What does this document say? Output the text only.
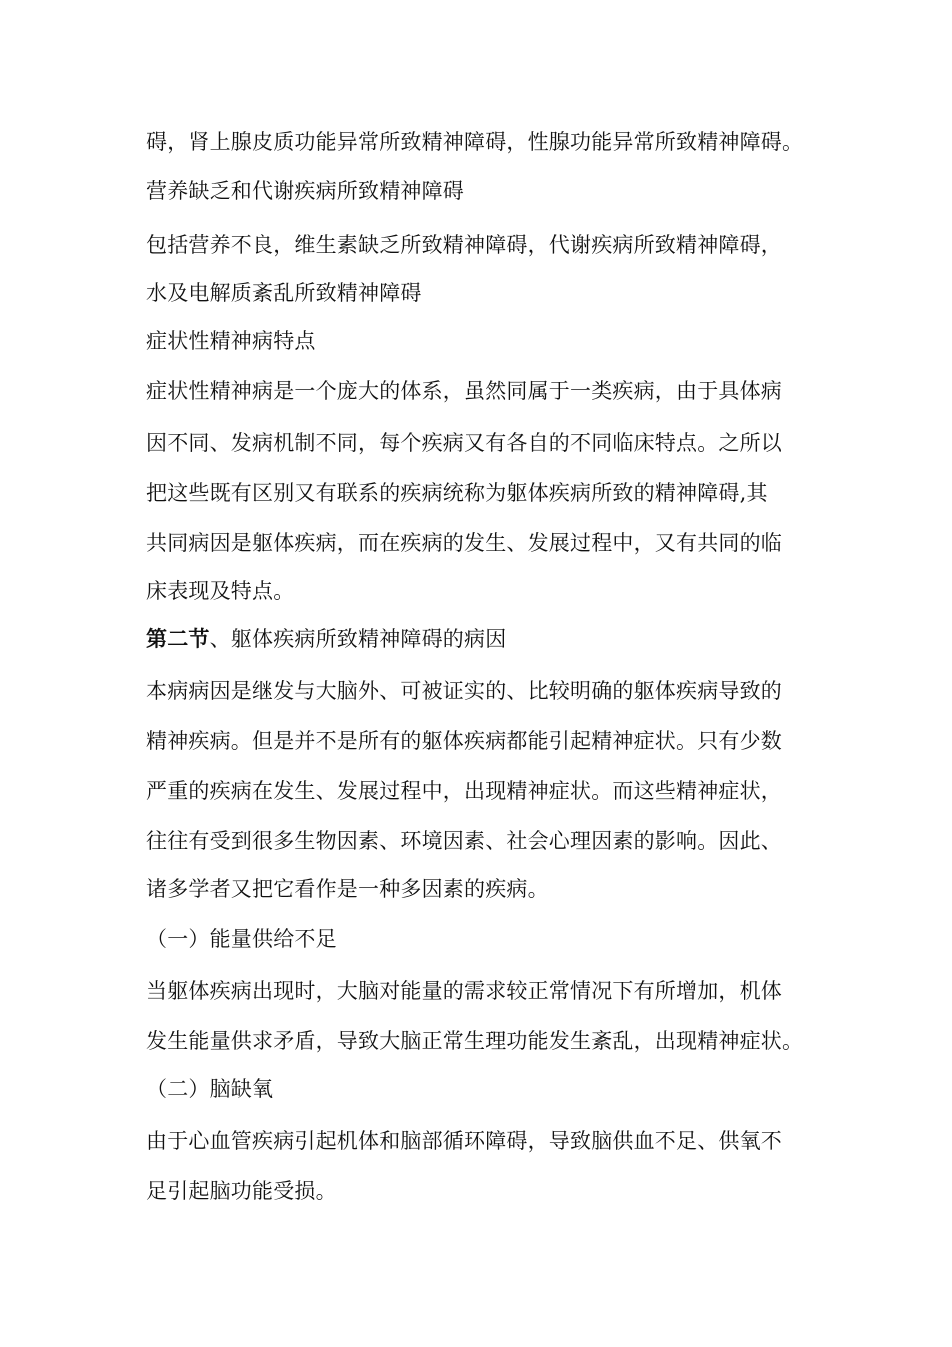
碍，肾上腺皮质功能异常所致精神障碍，性腺功能异常所致精神障碍。
营养缺乏和代谢疾病所致精神障碍
包括营养不良，维生素缺乏所致精神障碍，代谢疾病所致精神障碍，
水及电解质紊乱所致精神障碍
症状性精神病特点
症状性精神病是一个庞大的体系，虽然同属于一类疾病，由于具体病
因不同、发病机制不同，每个疾病又有各自的不同临床特点。之所以
把这些既有区别又有联系的疾病统称为躯体疾病所致的精神障碍,其
共同病因是躯体疾病，而在疾病的发生、发展过程中，又有共同的临
床表现及特点。
第二节、躯体疾病所致精神障碍的病因
本病病因是继发与大脑外、可被证实的、比较明确的躯体疾病导致的
精神疾病。但是并不是所有的躯体疾病都能引起精神症状。只有少数
严重的疾病在发生、发展过程中，出现精神症状。而这些精神症状，
往往有受到很多生物因素、环境因素、社会心理因素的影响。因此、
诸多学者又把它看作是一种多因素的疾病。
（一）能量供给不足
当躯体疾病出现时，大脑对能量的需求较正常情况下有所增加，机体
发生能量供求矛盾，导致大脑正常生理功能发生紊乱，出现精神症状。
（二）脑缺氧
由于心血管疾病引起机体和脑部循环障碍，导致脑供血不足、供氧不
足引起脑功能受损。
